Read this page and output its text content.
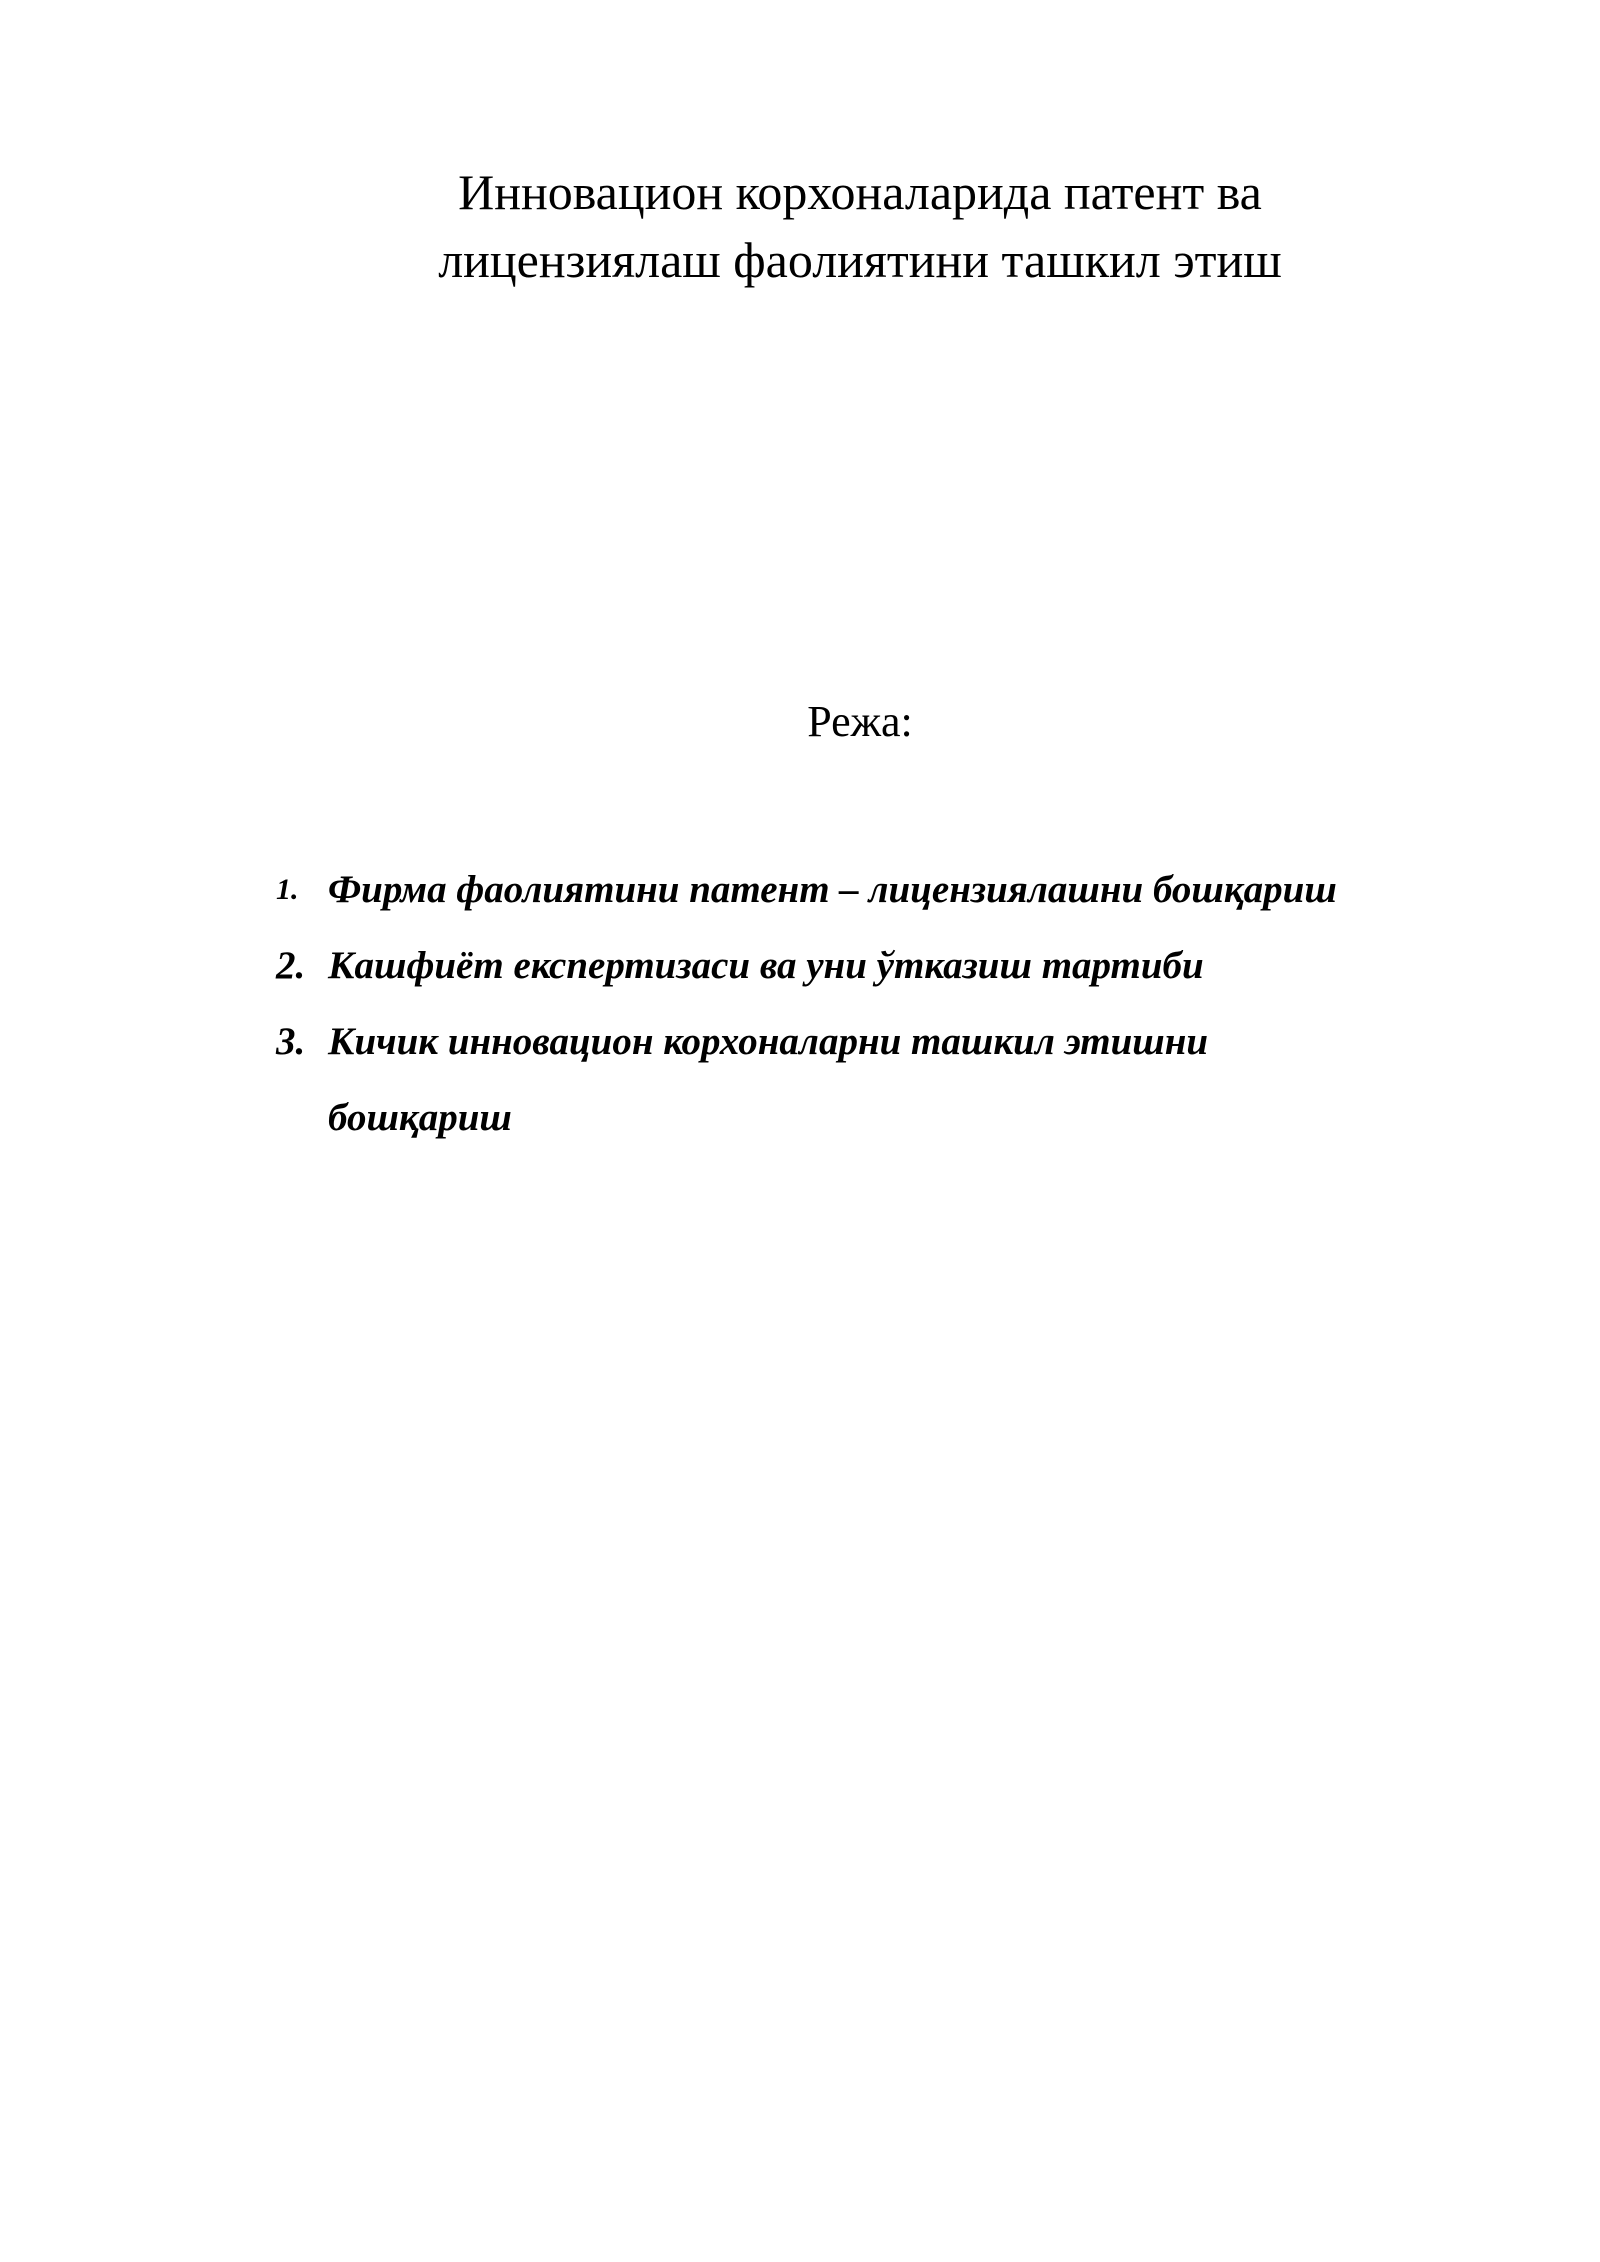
Инновацион корхоналарида патент ва
лицензиялаш фаолиятини ташкил этиш

Режа:

1. Фирма фаолиятини патент – лицензиялашни бошқариш
2. Кашфиёт експертизаси ва уни ўтказиш тартиби
3. Кичик инновацион корхоналарни ташкил этишни бошқариш
